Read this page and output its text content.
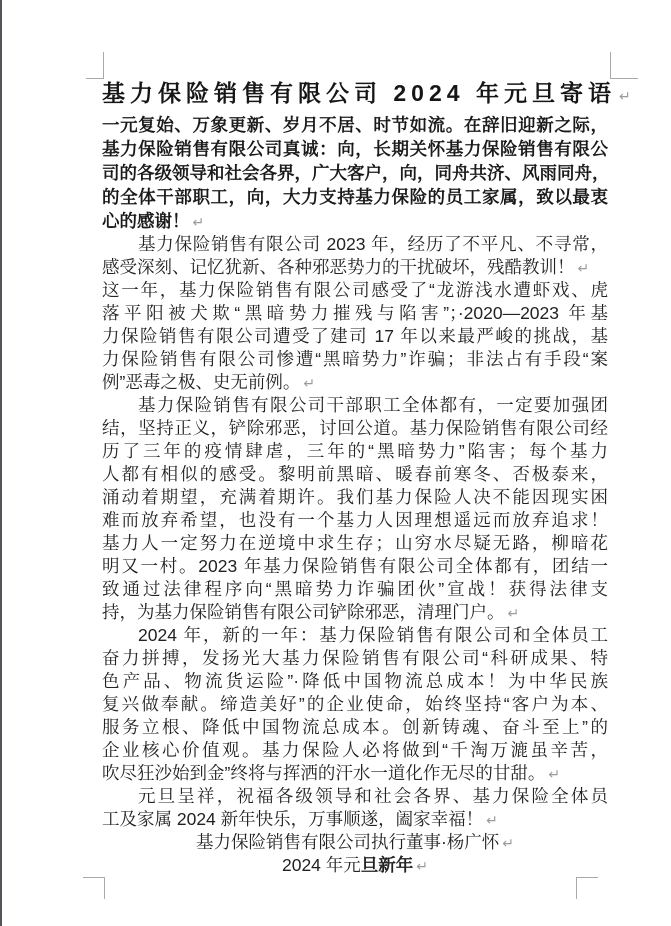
基力保险销售有限公司 2024 年元旦寄语 ↵
一元复始、万象更新、岁月不居、时节如流。在辞旧迎新之际，
基力保险销售有限公司真诚：向，长期关怀基力保险销售有限公
司的各级领导和社会各界，广大客户，向，同舟共济、风雨同舟，
的全体干部职工，向，大力支持基力保险的员工家属，致以最衷
心的感谢！ ↵
基力保险销售有限公司 2023 年，经历了不平凡、不寻常，
感受深刻、记忆犹新、各种邪恶势力的干扰破坏，残酷教训！ ↵
这一年，基力保险销售有限公司感受了“龙游浅水遭虾戏、虎
落平阳被犬欺“黑暗势力摧残与陷害”；·2020—2023 年基
力保险销售有限公司遭受了建司 17 年以来最严峻的挑战，基
力保险销售有限公司惨遭“黑暗势力”诈骗；非法占有手段“案
例”恶毒之极、史无前例。 ↵
基力保险销售有限公司干部职工全体都有，一定要加强团
结，坚持正义，铲除邪恶，讨回公道。基力保险销售有限公司经
历了三年的疫情肆虐，三年的“黑暗势力”陷害；每个基力
人都有相似的感受。黎明前黑暗、暖春前寒冬、否极泰来，
涌动着期望，充满着期许。我们基力保险人决不能因现实困
难而放弃希望，也没有一个基力人因理想遥远而放弃追求！
基力人一定努力在逆境中求生存；山穷水尽疑无路，柳暗花
明又一村。2023 年基力保险销售有限公司全体都有，团结一
致通过法律程序向“黑暗势力诈骗团伙”宣战！获得法律支
持，为基力保险销售有限公司铲除邪恶，清理门户。 ↵
2024 年，新的一年：基力保险销售有限公司和全体员工
奋力拼搏，发扬光大基力保险销售有限公司“科研成果、特
色产品、物流货运险”·降低中国物流总成本！为中华民族
复兴做奉献。缔造美好”的企业使命，始终坚持“客户为本、
服务立根、降低中国物流总成本。创新铸魂、奋斗至上”的
企业核心价值观。基力保险人必将做到“千淘万漉虽辛苦，
吹尽狂沙始到金”终将与挥洒的汗水一道化作无尽的甘甜。 ↵
元旦呈祥，祝福各级领导和社会各界、基力保险全体员
工及家属 2024 新年快乐，万事顺遂，阖家幸福！ ↵
基力保险销售有限公司执行董事·杨广怀 ↵
2024 年元旦新年 ↵
